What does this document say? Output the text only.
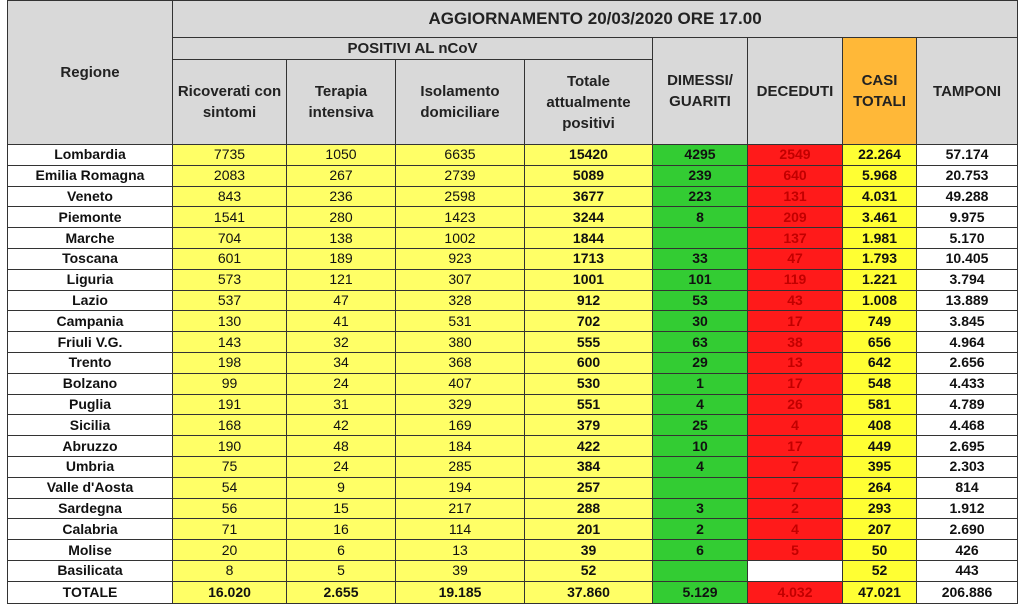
Regione	AGGIORNAMENTO 20/03/2020 ORE 17.00							
	POSITIVI AL nCoV				DIMESSI/ GUARITI	DECEDUTI	CASI TOTALI	TAMPONI
	Ricoverati con sintomi	Terapia intensiva	Isolamento domiciliare	Totale attualmente positivi				
Lombardia	7735	1050	6635	15420	4295	2549	22.264	57.174
Emilia Romagna	2083	267	2739	5089	239	640	5.968	20.753
Veneto	843	236	2598	3677	223	131	4.031	49.288
Piemonte	1541	280	1423	3244	8	209	3.461	9.975
Marche	704	138	1002	1844		137	1.981	5.170
Toscana	601	189	923	1713	33	47	1.793	10.405
Liguria	573	121	307	1001	101	119	1.221	3.794
Lazio	537	47	328	912	53	43	1.008	13.889
Campania	130	41	531	702	30	17	749	3.845
Friuli V.G.	143	32	380	555	63	38	656	4.964
Trento	198	34	368	600	29	13	642	2.656
Bolzano	99	24	407	530	1	17	548	4.433
Puglia	191	31	329	551	4	26	581	4.789
Sicilia	168	42	169	379	25	4	408	4.468
Abruzzo	190	48	184	422	10	17	449	2.695
Umbria	75	24	285	384	4	7	395	2.303
Valle d'Aosta	54	9	194	257		7	264	814
Sardegna	56	15	217	288	3	2	293	1.912
Calabria	71	16	114	201	2	4	207	2.690
Molise	20	6	13	39	6	5	50	426
Basilicata	8	5	39	52			52	443
TOTALE	16.020	2.655	19.185	37.860	5.129	4.032	47.021	206.886
